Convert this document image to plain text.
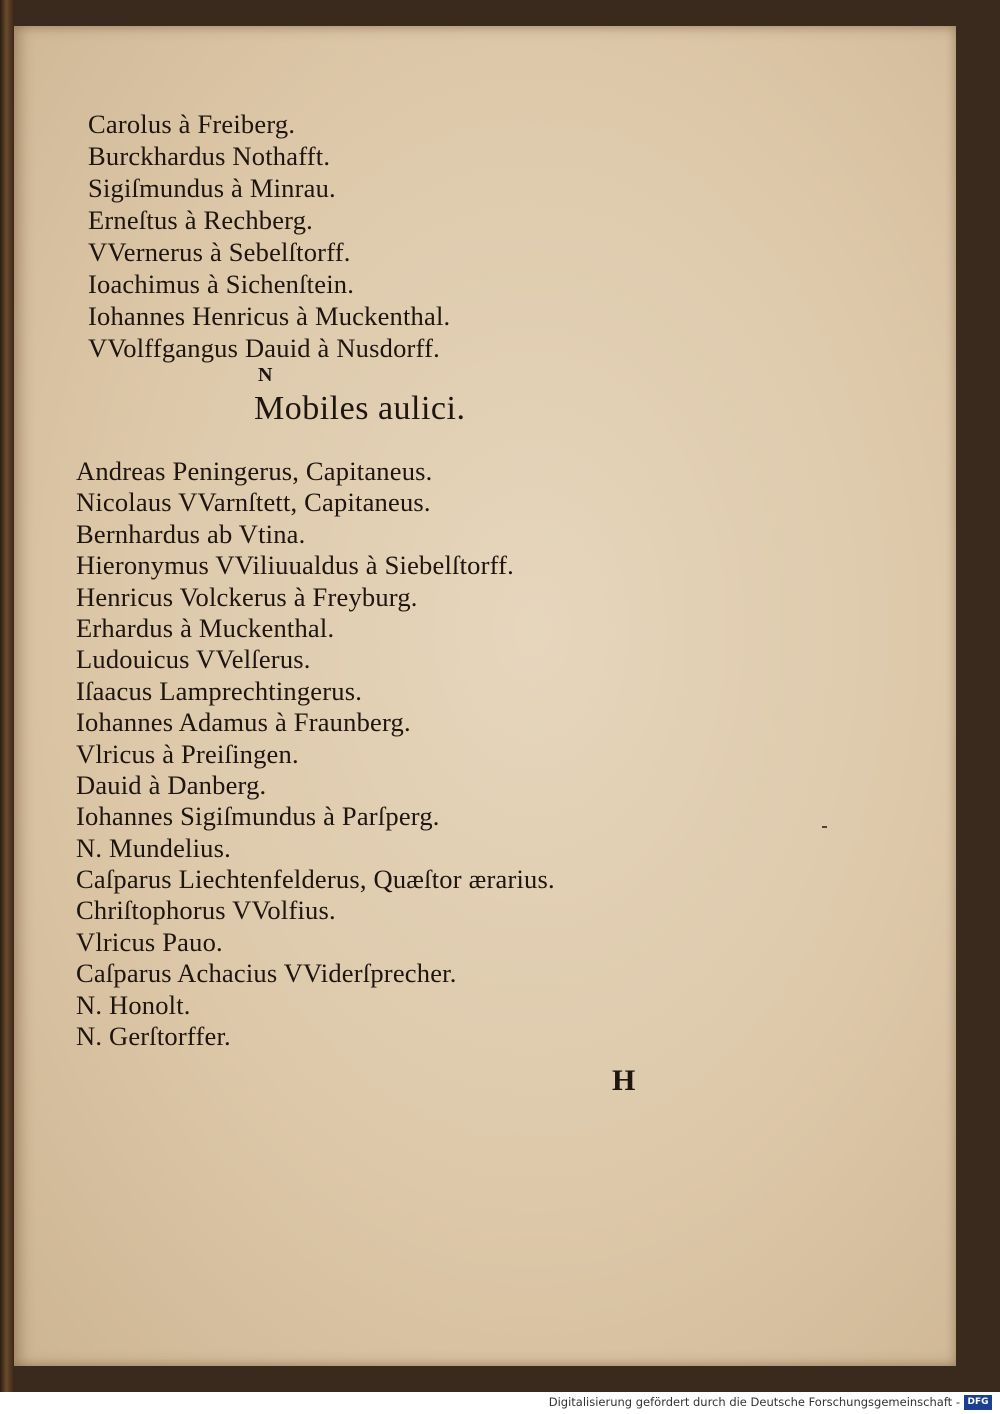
Carolus à Freiberg.
Burckhardus Nothafft.
Sigiſmundus à Minrau.
Erneſtus à Rechberg.
VVernerus à Sebelſtorff.
Ioachimus à Sichenſtein.
Iohannes Henricus à Muckenthal.
VVolffgangus Dauid à Nusdorff.
N
Mobiles aulici.
Andreas Peningerus, Capitaneus.
Nicolaus VVarnſtett, Capitaneus.
Bernhardus ab Vtina.
Hieronymus VViliuualdus à Siebelſtorff.
Henricus Volckerus à Freyburg.
Erhardus à Muckenthal.
Ludouicus VVelſerus.
Iſaacus Lamprechtingerus.
Iohannes Adamus à Fraunberg.
Vlricus à Preiſingen.
Dauid à Danberg.
Iohannes Sigiſmundus à Parſperg.
N. Mundelius.
Caſparus Liechtenfelderus, Quæſtor ærarius.
Chriſtophorus VVolfius.
Vlricus Pauo.
Caſparus Achacius VViderſprecher.
N. Honolt.
N. Gerſtorffer.
H
Digitalisierung gefördert durch die Deutsche Forschungsgemeinschaft - DFG
